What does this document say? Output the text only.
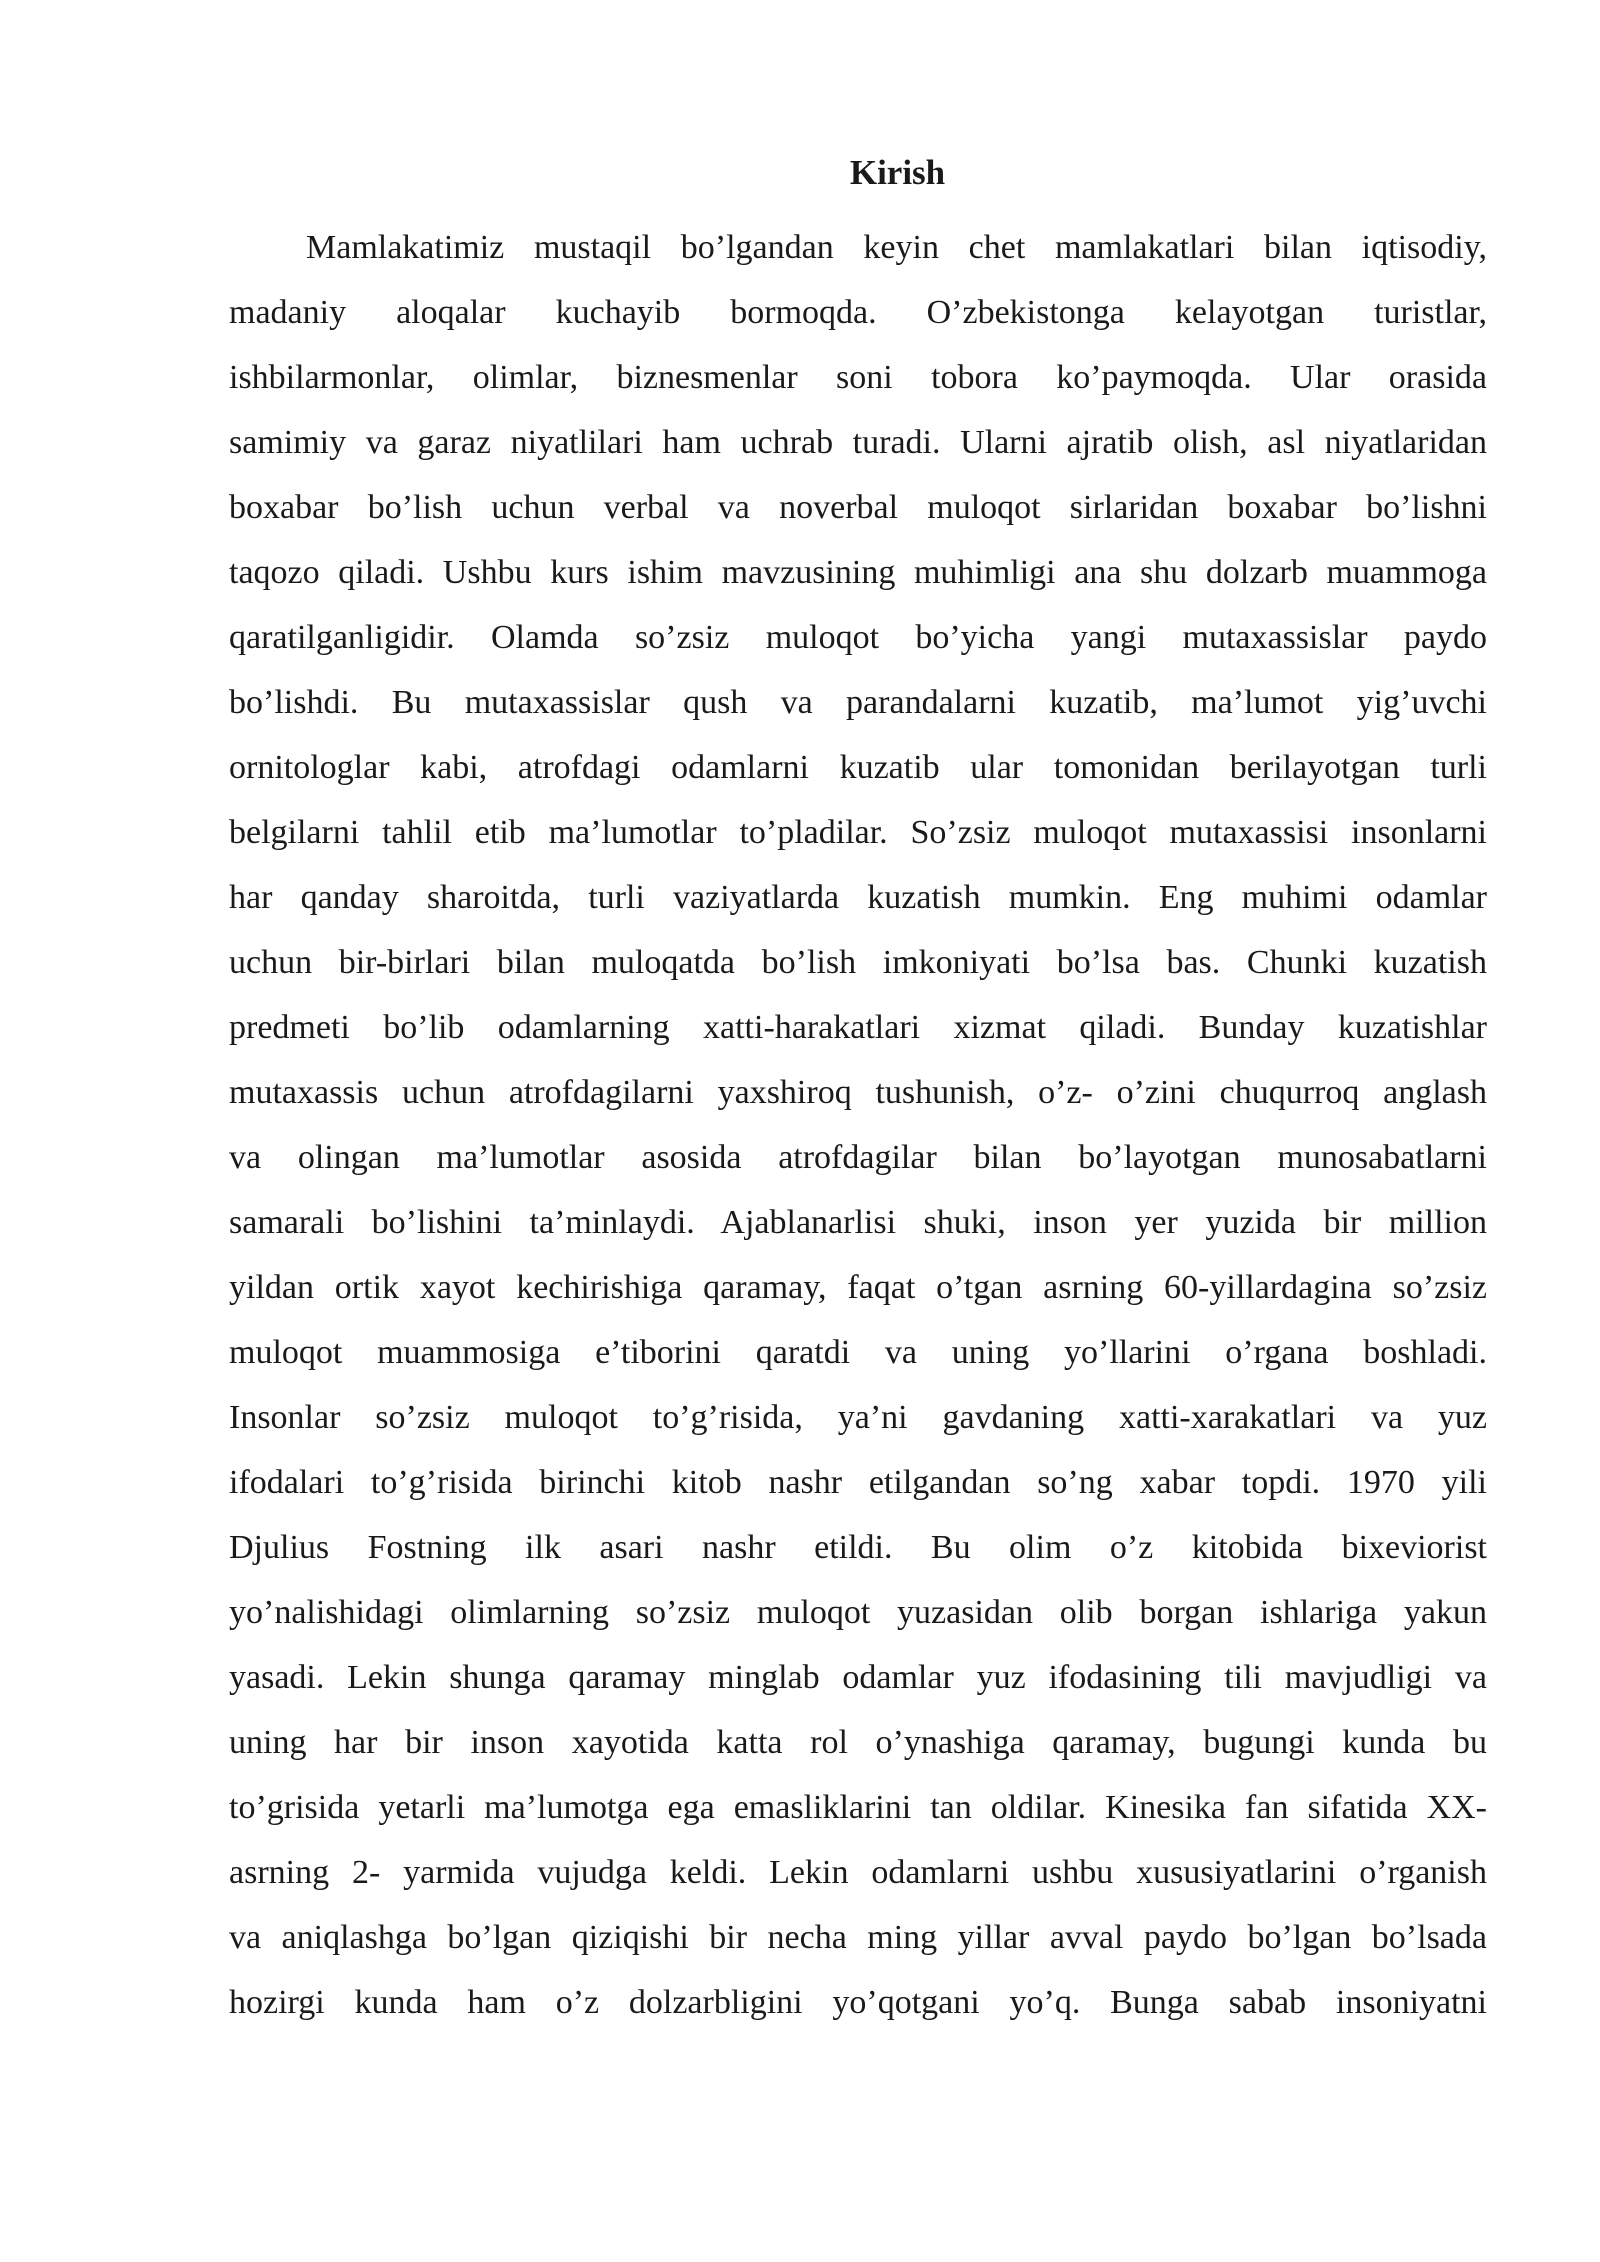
Kirish
Mamlakatimiz mustaqil bo’lgandan keyin chet mamlakatlari bilan iqtisodiy,
madaniy aloqalar kuchayib bormoqda. O’zbekistonga kelayotgan turistlar,
ishbilarmonlar, olimlar, biznesmenlar soni tobora ko’paymoqda. Ular orasida
samimiy va garaz niyatlilari ham uchrab turadi. Ularni ajratib olish, asl niyatlaridan
boxabar bo’lish uchun verbal va noverbal muloqot sirlaridan boxabar bo’lishni
taqozo qiladi. Ushbu kurs ishim mavzusining muhimligi ana shu dolzarb muammoga
qaratilganligidir. Olamda so’zsiz muloqot bo’yicha yangi mutaxassislar paydo
bo’lishdi. Bu mutaxassislar qush va parandalarni kuzatib, ma’lumot yig’uvchi
ornitologlar kabi, atrofdagi odamlarni kuzatib ular tomonidan berilayotgan turli
belgilarni tahlil etib ma’lumotlar to’pladilar. So’zsiz muloqot mutaxassisi insonlarni
har qanday sharoitda, turli vaziyatlarda kuzatish mumkin. Eng muhimi odamlar
uchun bir-birlari bilan muloqatda bo’lish imkoniyati bo’lsa bas. Chunki kuzatish
predmeti bo’lib odamlarning xatti-harakatlari xizmat qiladi. Bunday kuzatishlar
mutaxassis uchun atrofdagilarni yaxshiroq tushunish, o’z- o’zini chuqurroq anglash
va olingan ma’lumotlar asosida atrofdagilar bilan bo’layotgan munosabatlarni
samarali bo’lishini ta’minlaydi. Ajablanarlisi shuki, inson yer yuzida bir million
yildan ortik xayot kechirishiga qaramay, faqat o’tgan asrning 60-yillardagina so’zsiz
muloqot muammosiga e’tiborini qaratdi va uning yo’llarini o’rgana boshladi.
Insonlar so’zsiz muloqot to’g’risida, ya’ni gavdaning xatti-xarakatlari va yuz
ifodalari to’g’risida birinchi kitob nashr etilgandan so’ng xabar topdi. 1970 yili
Djulius Fostning ilk asari nashr etildi. Bu olim o’z kitobida bixeviorist
yo’nalishidagi olimlarning so’zsiz muloqot yuzasidan olib borgan ishlariga yakun
yasadi. Lekin shunga qaramay minglab odamlar yuz ifodasining tili mavjudligi va
uning har bir inson xayotida katta rol o’ynashiga qaramay, bugungi kunda bu
to’grisida yetarli ma’lumotga ega emasliklarini tan oldilar. Kinesika fan sifatida XX-
asrning 2- yarmida vujudga keldi. Lekin odamlarni ushbu xususiyatlarini o’rganish
va aniqlashga bo’lgan qiziqishi bir necha ming yillar avval paydo bo’lgan bo’lsada
hozirgi kunda ham o’z dolzarbligini yo’qotgani yo’q. Bunga sabab insoniyatni
